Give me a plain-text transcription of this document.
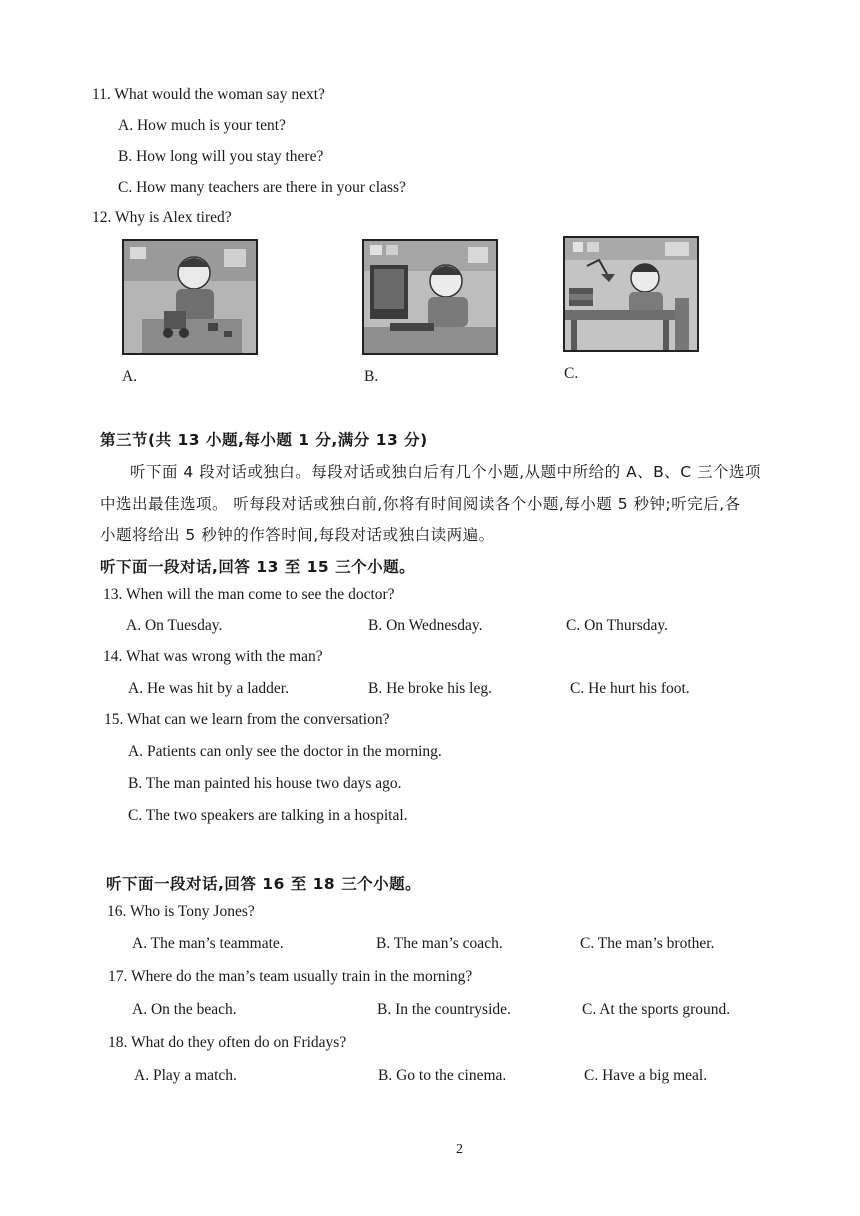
11. What would the woman say next?
A. How much is your tent?
B. How long will you stay there?
C. How many teachers are there in your class?
12. Why is Alex tired?
A.	B.	C.
第三节(共 13 小题,每小题 1 分,满分 13 分)
听下面 4 段对话或独白。每段对话或独白后有几个小题,从题中所给的 A、B、C 三个选项
中选出最佳选项。 听每段对话或独白前,你将有时间阅读各个小题,每小题 5 秒钟;听完后,各
小题将给出 5 秒钟的作答时间,每段对话或独白读两遍。
听下面一段对话,回答 13 至 15 三个小题。
13. When will the man come to see the doctor?
A. On Tuesday.	B. On Wednesday.	C. On Thursday.
14. What was wrong with the man?
A. He was hit by a ladder.	B. He broke his leg.	C. He hurt his foot.
15. What can we learn from the conversation?
A. Patients can only see the doctor in the morning.
B. The man painted his house two days ago.
C. The two speakers are talking in a hospital.
听下面一段对话,回答 16 至 18 三个小题。
16. Who is Tony Jones?
A. The man’s teammate.	B. The man’s coach.	C. The man’s brother.
17. Where do the man’s team usually train in the morning?
A. On the beach.	B. In the countryside.	C. At the sports ground.
18. What do they often do on Fridays?
A. Play a match.	B. Go to the cinema.	C. Have a big meal.
2
